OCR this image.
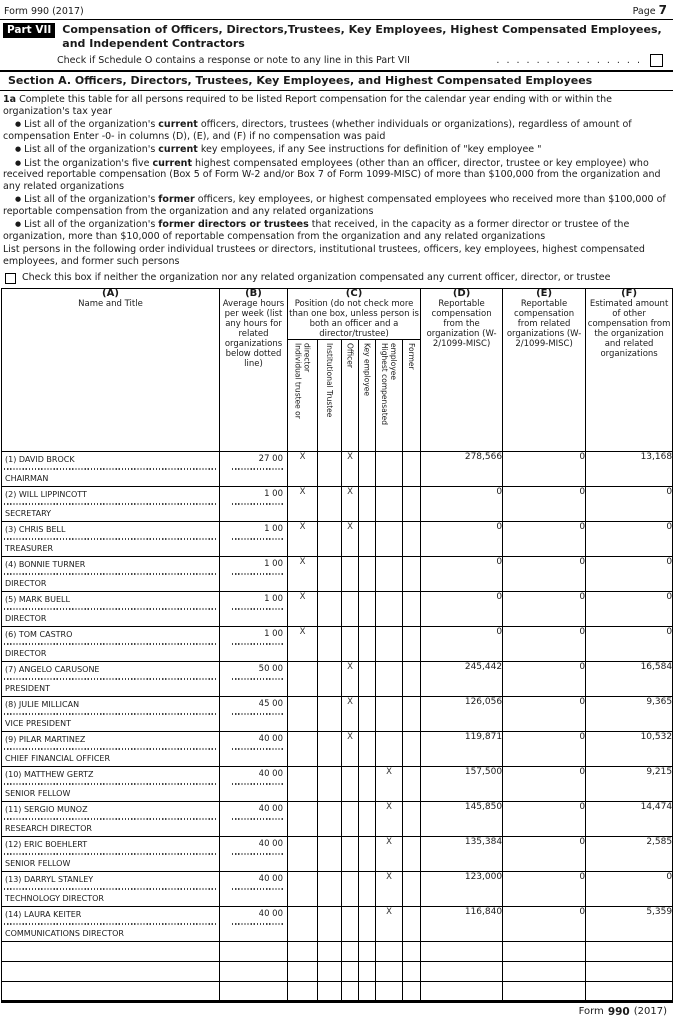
Form 990 (2017)	Page 7
Part VII	Compensation of Officers, Directors,Trustees, Key Employees, Highest Compensated Employees,
and Independent Contractors
Check if Schedule O contains a response or note to any line in this Part VII	. . . . . . . . . . . . . . .
Section A. Officers, Directors, Trustees, Key Employees, and Highest Compensated Employees

1a Complete this table for all persons required to be listed Report compensation for the calendar year ending with or within the organization's tax year

● List all of the organization's current officers, directors, trustees (whether individuals or organizations), regardless of amount of compensation Enter -0- in columns (D), (E), and (F) if no compensation was paid

● List all of the organization's current key employees, if any See instructions for definition of "key employee "

● List the organization's five current highest compensated employees (other than an officer, director, trustee or key employee) who received reportable compensation (Box 5 of Form W-2 and/or Box 7 of Form 1099-MISC) of more than $100,000 from the organization and any related organizations

● List all of the organization's former officers, key employees, or highest compensated employees who received more than $100,000 of reportable compensation from the organization and any related organizations

● List all of the organization's former directors or trustees that received, in the capacity as a former director or trustee of the organization, more than $10,000 of reportable compensation from the organization and any related organizations

List persons in the following order individual trustees or directors, institutional trustees, officers, key employees, highest compensated employees, and former such persons

Check this box if neither the organization nor any related organization compensated any current officer, director, or trustee
(A)
Name and Title	(B)
Average hours per week (list any hours for related organizations below dotted line)	(C)
Position (do not check more than one box, unless person is both an officer and a director/trustee)						(D)
Reportable compensation from the organization (W- 2/1099-MISC)	(E)
Reportable compensation from related organizations (W- 2/1099-MISC)	(F)
Estimated amount of other compensation from the organization and related organizations

		Individual trustee or director	Institutional Trustee	Officer	Key employee	Highest compensated employee	Former			

(1) DAVID BROCK
CHAIRMAN	27 00	X		X				278,566	0	13,168

(2) WILL LIPPINCOTT
SECRETARY	1 00	X		X				0	0	0

(3) CHRIS BELL
TREASURER	1 00	X		X				0	0	0

(4) BONNIE TURNER
DIRECTOR	1 00	X						0	0	0

(5) MARK BUELL
DIRECTOR	1 00	X						0	0	0

(6) TOM CASTRO
DIRECTOR	1 00	X						0	0	0

(7) ANGELO CARUSONE
PRESIDENT	50 00			X				245,442	0	16,584

(8) JULIE MILLICAN
VICE PRESIDENT	45 00			X				126,056	0	9,365

(9) PILAR MARTINEZ
CHIEF FINANCIAL OFFICER	40 00			X				119,871	0	10,532

(10) MATTHEW GERTZ
SENIOR FELLOW	40 00					X		157,500	0	9,215

(11) SERGIO MUNOZ
RESEARCH DIRECTOR	40 00					X		145,850	0	14,474

(12) ERIC BOEHLERT
SENIOR FELLOW	40 00					X		135,384	0	2,585

(13) DARRYL STANLEY
TECHNOLOGY DIRECTOR	40 00					X		123,000	0	0

(14) LAURA KEITER
COMMUNICATIONS DIRECTOR	40 00					X		116,840	0	5,359

Form 990 (2017)
